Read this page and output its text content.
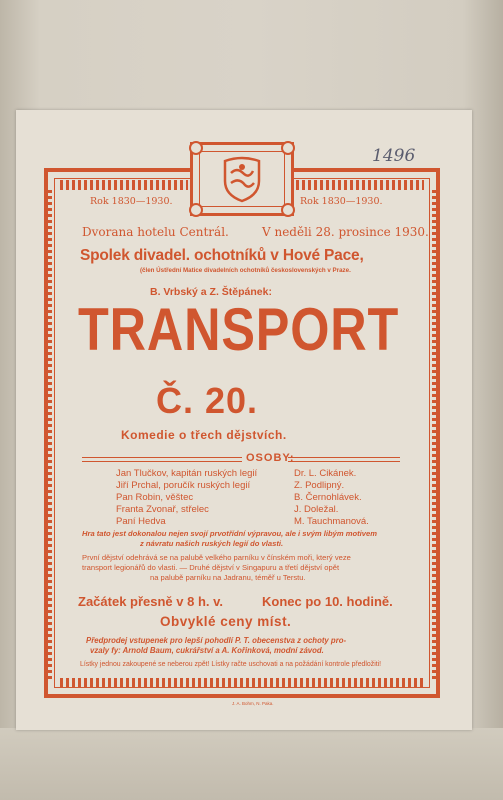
1496
Rok 1830—1930.	Rok 1830—1930.
Dvorana hotelu Centrál.	V neděli 28. prosince 1930.
Spolek divadel. ochotníků v Hové Pace,
(člen Ústřední Matice divadelních ochotníků československých v Praze.
B. Vrbský a Z. Štěpánek:
TRANSPORT
Č. 20.
Komedie o třech dějstvích.
OSOBY:
Jan Tlučkov, kapitán ruských legií	Dr. L. Cikánek.
Jiří Prchal, poručík ruských legií	Z. Podlipný.
Pan Robin, věštec	B. Černohlávek.
Franta Zvonař, střelec	J. Doležal.
Paní Hedva	M. Tauchmanová.
Hra tato jest dokonalou nejen svojí prvotřídní výpravou, ale i svým libým motivem
z návratu našich ruských legií do vlasti.
První dějství odehrává se na palubě velkého parníku v čínském moři, který veze
transport legionářů do vlasti. — Druhé dějství v Singapuru a třetí dějství opět
na palubě parníku na Jadranu, téměř u Terstu.
Začátek přesně v 8 h. v.	Konec po 10. hodině.
Obvyklé ceny míst.
Předprodej vstupenek pro lepší pohodlí P. T. obecenstva z ochoty pro-
vzaly fy: Arnold Baum, cukrářství a A. Kořinková, modní závod.
Lístky jednou zakoupené se neberou zpět! Lístky račte uschovati a na požádání kontrole předložiti!
J. A. Bohm, N. Paka.
